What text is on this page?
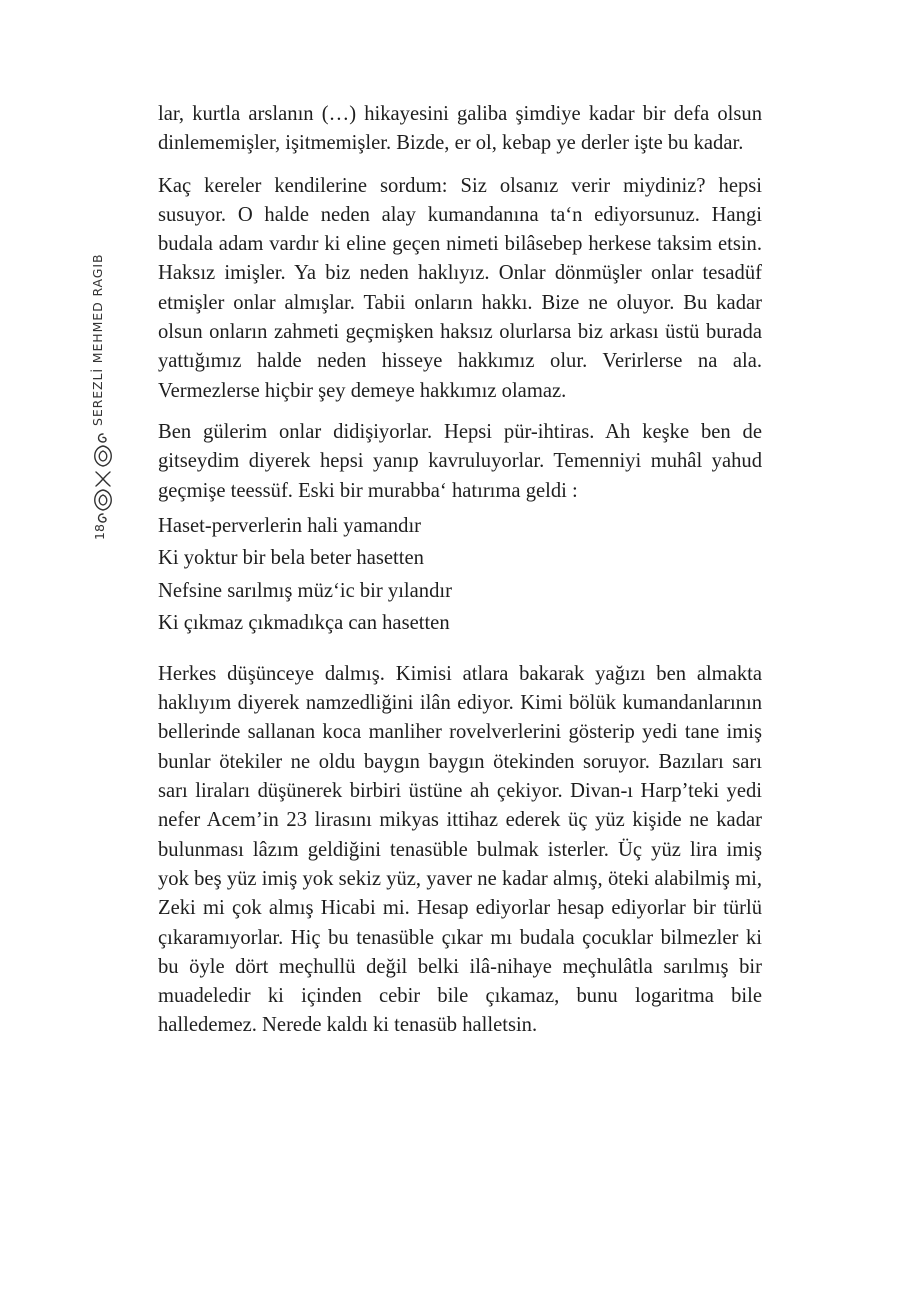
SEREZLİ MEHMED RAGIB
18

lar, kurtla arslanın (…) hikayesini galiba şimdiye kadar bir defa olsun dinlememişler, işitmemişler. Bizde, er ol, kebap ye derler işte bu kadar.

Kaç kereler kendilerine sordum: Siz olsanız verir miydiniz? hepsi susuyor. O halde neden alay kumandanına ta‘n ediyorsunuz. Hangi budala adam vardır ki eline geçen nimeti bilâsebep herkese taksim etsin. Haksız imişler. Ya biz neden haklıyız. Onlar dönmüşler onlar tesadüf etmişler onlar almışlar. Tabii onların hakkı. Bize ne oluyor. Bu kadar olsun onların zahmeti geçmişken haksız olurlarsa biz arkası üstü burada yattığımız halde neden hisseye hakkımız olur. Verirlerse na ala. Vermezlerse hiçbir şey demeye hakkımız olamaz.

Ben gülerim onlar didişiyorlar. Hepsi pür-ihtiras. Ah keşke ben de gitseydim diyerek hepsi yanıp kavruluyorlar. Temenniyi muhâl yahud geçmişe teessüf. Eski bir murabba‘ hatırıma geldi :

Haset-perverlerin hali yamandır
Ki yoktur bir bela beter hasetten
Nefsine sarılmış müz‘ic bir yılandır
Ki çıkmaz çıkmadıkça can hasetten

Herkes düşünceye dalmış. Kimisi atlara bakarak yağızı ben almakta haklıyım diyerek namzedliğini ilân ediyor. Kimi bölük kumandanlarının bellerinde sallanan koca manliher rovelverlerini gösterip yedi tane imiş bunlar ötekiler ne oldu baygın baygın ötekinden soruyor. Bazıları sarı sarı liraları düşünerek birbiri üstüne ah çekiyor. Divan-ı Harp’teki yedi nefer Acem’in 23 lirasını mikyas ittihaz ederek üç yüz kişide ne kadar bulunması lâzım geldiğini tenasüble bulmak isterler. Üç yüz lira imiş yok beş yüz imiş yok sekiz yüz, yaver ne kadar almış, öteki alabilmiş mi, Zeki mi çok almış Hicabi mi. Hesap ediyorlar hesap ediyorlar bir türlü çıkaramıyorlar. Hiç bu tenasüble çıkar mı budala çocuklar bilmezler ki bu öyle dört meçhullü değil belki ilâ-nihaye meçhulâtla sarılmış bir muadeledir ki içinden cebir bile çıkamaz, bunu logaritma bile halledemez. Nerede kaldı ki tenasüb halletsin.
